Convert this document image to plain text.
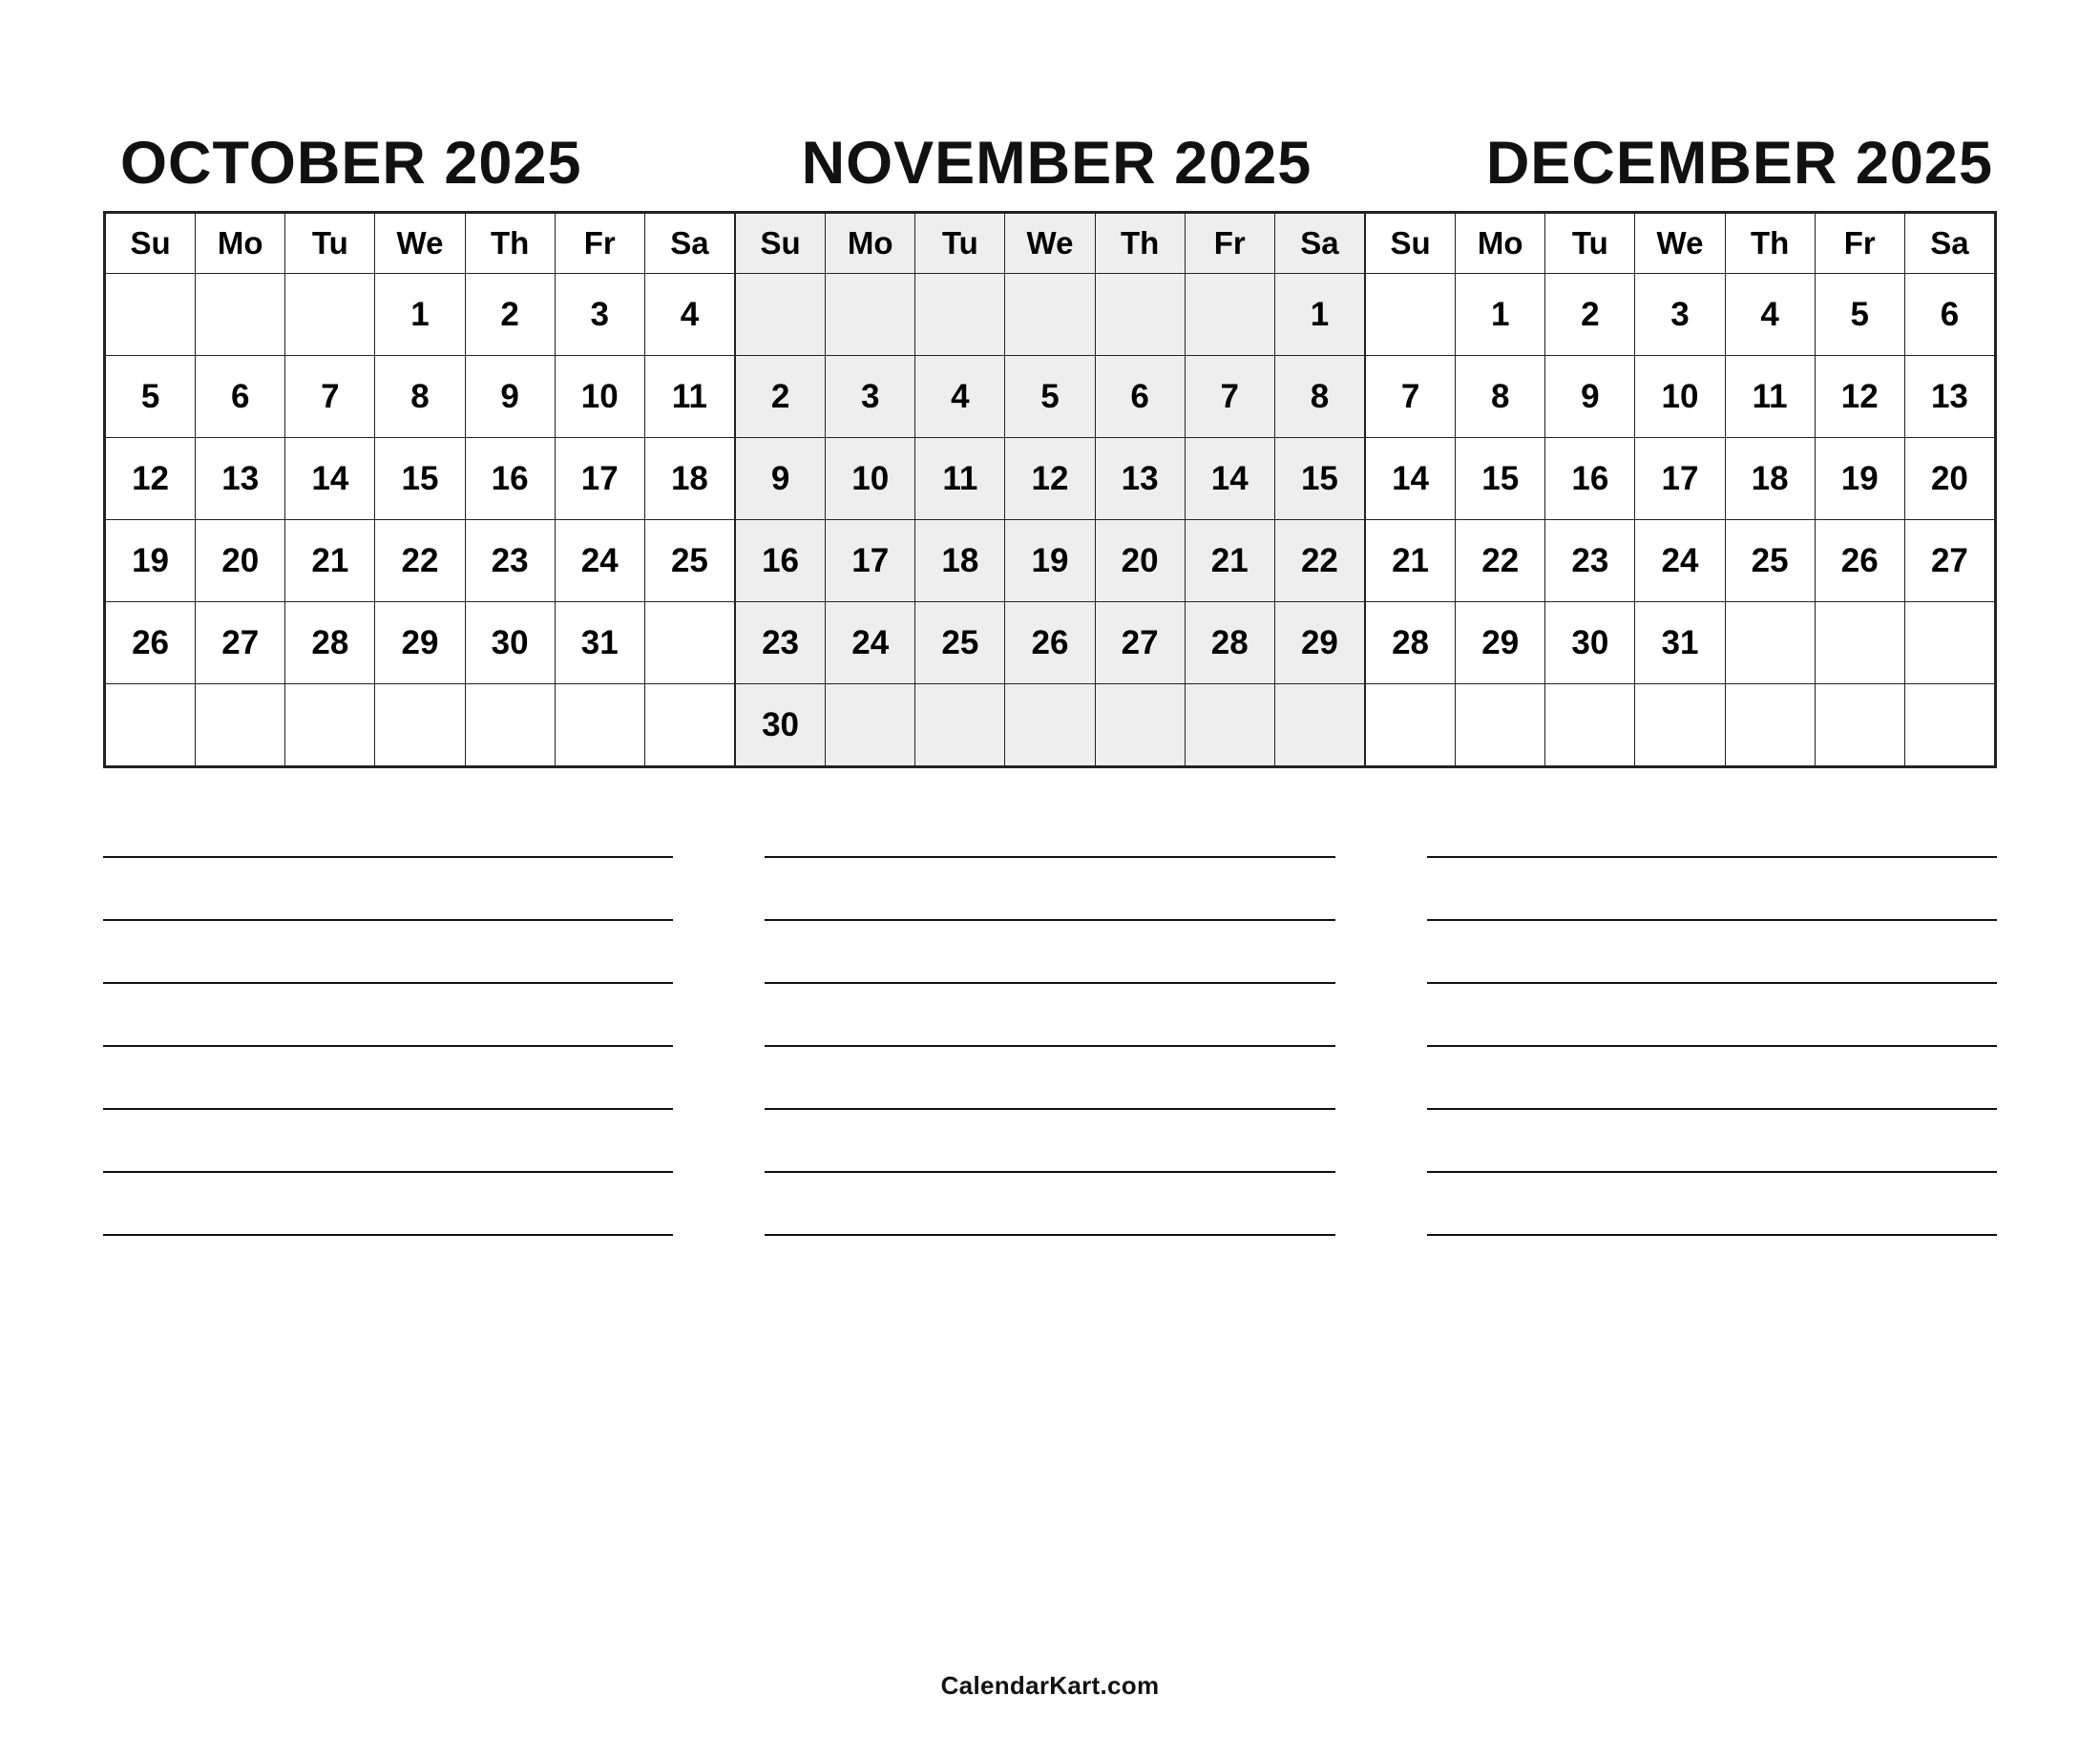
OCTOBER 2025	NOVEMBER 2025	DECEMBER 2025
Su	Mo	Tu	We	Th	Fr	Sa
			1	2	3	4
5	6	7	8	9	10	11
12	13	14	15	16	17	18
19	20	21	22	23	24	25
26	27	28	29	30	31	

Su	Mo	Tu	We	Th	Fr	Sa
						1
2	3	4	5	6	7	8
9	10	11	12	13	14	15
16	17	18	19	20	21	22
23	24	25	26	27	28	29
30						
Su	Mo	Tu	We	Th	Fr	Sa
	1	2	3	4	5	6
7	8	9	10	11	12	13
14	15	16	17	18	19	20
21	22	23	24	25	26	27
28	29	30	31			

CalendarKart.com
